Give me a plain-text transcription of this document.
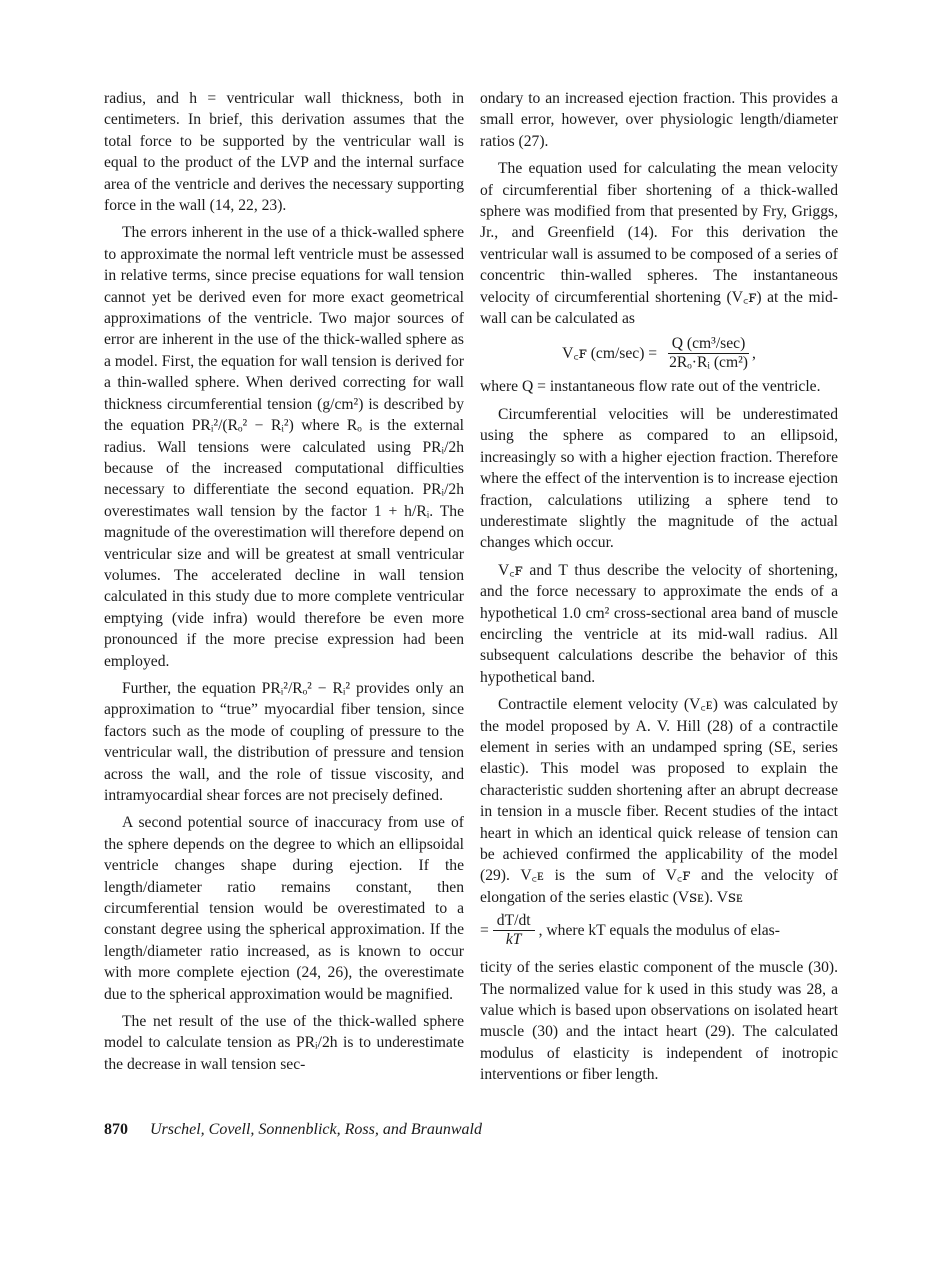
radius, and h = ventricular wall thickness, both in centimeters. In brief, this derivation assumes that the total force to be supported by the ventricular wall is equal to the product of the LVP and the internal surface area of the ventricle and derives the necessary supporting force in the wall (14, 22, 23).

The errors inherent in the use of a thick-walled sphere to approximate the normal left ventricle must be assessed in relative terms, since precise equations for wall tension cannot yet be derived even for more exact geometrical approximations of the ventricle. Two major sources of error are inherent in the use of the thick-walled sphere as a model. First, the equation for wall tension is derived for a thin-walled sphere. When derived correcting for wall thickness circumferential tension (g/cm²) is described by the equation PRᵢ²/(Rₒ² − Rᵢ²) where Rₒ is the external radius. Wall tensions were calculated using PRᵢ/2h because of the increased computational difficulties necessary to differentiate the second equation. PRᵢ/2h overestimates wall tension by the factor 1 + h/Rᵢ. The magnitude of the overestimation will therefore depend on ventricular size and will be greatest at small ventricular volumes. The accelerated decline in wall tension calculated in this study due to more complete ventricular emptying (vide infra) would therefore be even more pronounced if the more precise expression had been employed.

Further, the equation PRᵢ²/Rₒ² − Rᵢ² provides only an approximation to “true” myocardial fiber tension, since factors such as the mode of coupling of pressure to the ventricular wall, the distribution of pressure and tension across the wall, and the role of tissue viscosity, and intramyocardial shear forces are not precisely defined.

A second potential source of inaccuracy from use of the sphere depends on the degree to which an ellipsoidal ventricle changes shape during ejection. If the length/diameter ratio remains constant, then circumferential tension would be overestimated to a constant degree using the spherical approximation. If the length/diameter ratio increased, as is known to occur with more complete ejection (24, 26), the overestimate due to the spherical approximation would be magnified.

The net result of the use of the thick-walled sphere model to calculate tension as PRᵢ/2h is to underestimate the decrease in wall tension sec-

ondary to an increased ejection fraction. This provides a small error, however, over physiologic length/diameter ratios (27).

The equation used for calculating the mean velocity of circumferential fiber shortening of a thick-walled sphere was modified from that presented by Fry, Griggs, Jr., and Greenfield (14). For this derivation the ventricular wall is assumed to be composed of a series of concentric thin-walled spheres. The instantaneous velocity of circumferential shortening (V꜀ꜰ) at the mid-wall can be calculated as

V꜀ꜰ $(cm/\sec) = \frac{\text{Q (cm³/sec)}}{\text{2Rₒ·Rᵢ (cm²)}}$ ,

where Q = instantaneous flow rate out of the ventricle.

Circumferential velocities will be underestimated using the sphere as compared to an ellipsoid, increasingly so with a higher ejection fraction. Therefore where the effect of the intervention is to increase ejection fraction, calculations utilizing a sphere tend to underestimate slightly the magnitude of the actual changes which occur.

V꜀ꜰ and T thus describe the velocity of shortening, and the force necessary to approximate the ends of a hypothetical 1.0 cm² cross-sectional area band of muscle encircling the ventricle at its mid-wall radius. All subsequent calculations describe the behavior of this hypothetical band.

Contractile element velocity (V꜀ᴇ) was calculated by the model proposed by A. V. Hill (28) of a contractile element in series with an undamped spring (SE, series elastic). This model was proposed to explain the characteristic sudden shortening after an abrupt decrease in tension in a muscle fiber. Recent studies of the intact heart in which an identical quick release of tension can be achieved confirmed the applicability of the model (29). V꜀ᴇ is the sum of V꜀ꜰ and the velocity of elongation of the series elastic (Vꜱᴇ). Vꜱᴇ

= $\frac{dT/dt}{kT}$ , where kT equals the modulus of elas-

ticity of the series elastic component of the muscle (30). The normalized value for k used in this study was 28, a value which is based upon observations on isolated heart muscle (30) and the intact heart (29). The calculated modulus of elasticity is independent of inotropic interventions or fiber length.

870 Urschel, Covell, Sonnenblick, Ross, and Braunwald
